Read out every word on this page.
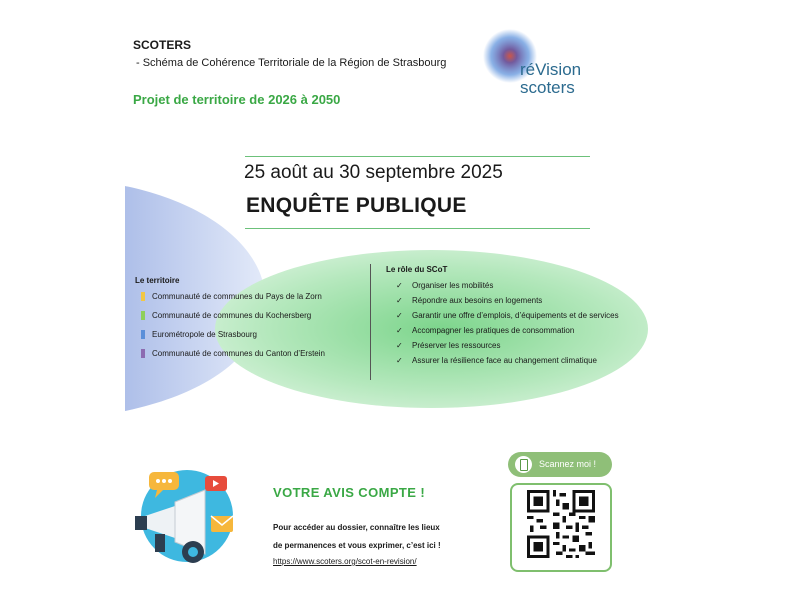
SCOTERS
- Schéma de Cohérence Territoriale de la Région de Strasbourg
Projet de territoire de 2026 à 2050
réVision
scoters
25 août au 30 septembre 2025
ENQUÊTE PUBLIQUE
Le territoire
Communauté de communes du Pays de la Zorn
Communauté de communes du Kochersberg
Eurométropole de Strasbourg
Communauté de communes du Canton d’Erstein
Le rôle du SCoT
✓ Organiser les mobilités
✓ Répondre aux besoins en logements
✓ Garantir une offre d’emplois, d’équipements et de services
✓ Accompagner les pratiques de consommation
✓ Préserver les ressources
✓ Assurer la résilience face au changement climatique
VOTRE AVIS COMPTE !
Pour accéder au dossier, connaître les lieux
de permanences et vous exprimer, c’est ici !
https://www.scoters.org/scot-en-revision/
Scannez moi !
